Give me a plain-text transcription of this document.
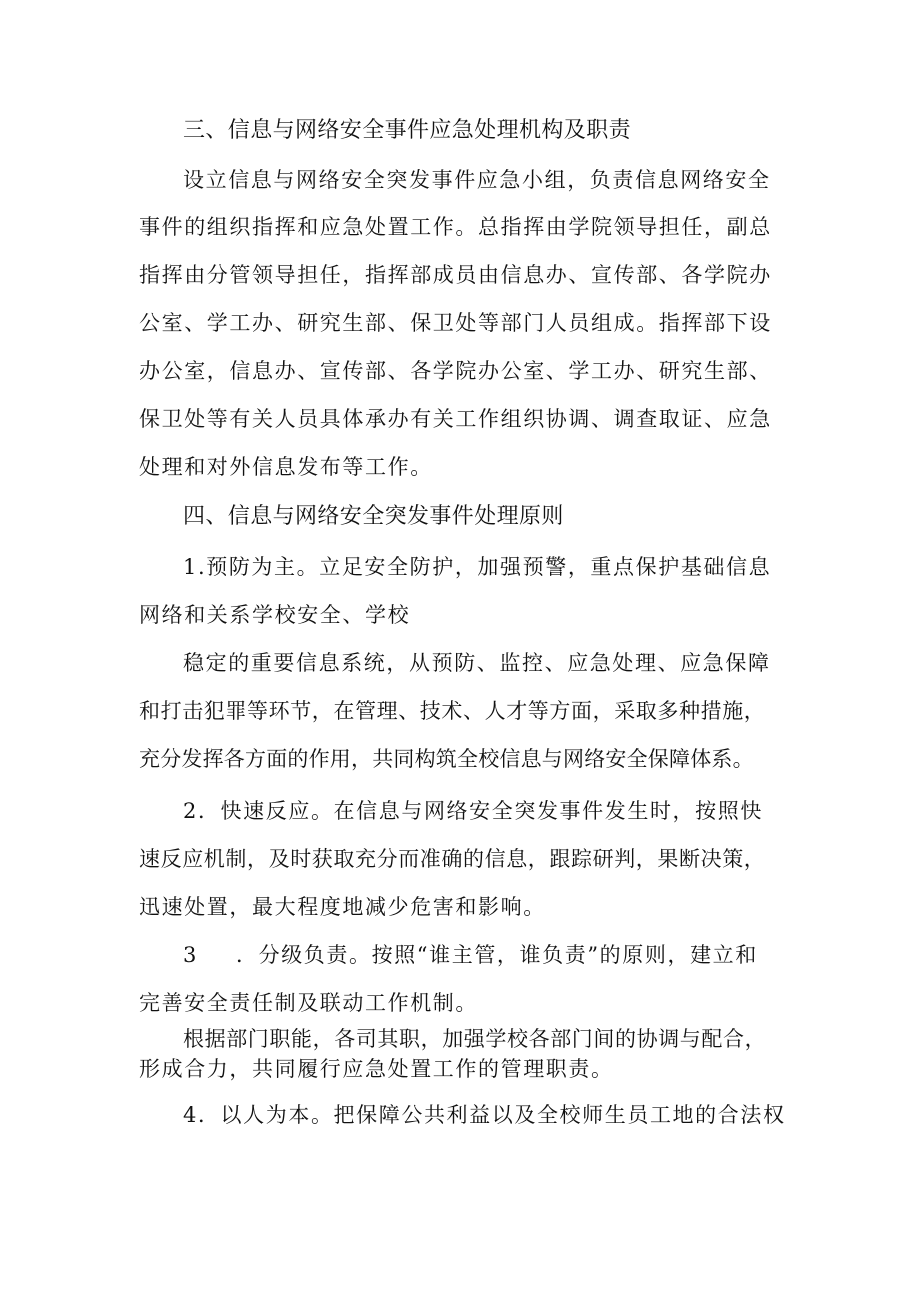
三、信息与网络安全事件应急处理机构及职责

设立信息与网络安全突发事件应急小组，负责信息网络安全

事件的组织指挥和应急处置工作。总指挥由学院领导担任，副总

指挥由分管领导担任，指挥部成员由信息办、宣传部、各学院办

公室、学工办、研究生部、保卫处等部门人员组成。指挥部下设

办公室，信息办、宣传部、各学院办公室、学工办、研究生部、

保卫处等有关人员具体承办有关工作组织协调、调查取证、应急

处理和对外信息发布等工作。

四、信息与网络安全突发事件处理原则

1.预防为主。立足安全防护，加强预警，重点保护基础信息

网络和关系学校安全、学校

稳定的重要信息系统，从预防、监控、应急处理、应急保障

和打击犯罪等环节，在管理、技术、人才等方面，采取多种措施，

充分发挥各方面的作用，共同构筑全校信息与网络安全保障体系。

2．快速反应。在信息与网络安全突发事件发生时，按照快

速反应机制，及时获取充分而准确的信息，跟踪研判，果断决策，

迅速处置，最大程度地减少危害和影响。

3 ．分级负责。按照“谁主管，谁负责”的原则，建立和

完善安全责任制及联动工作机制。

根据部门职能，各司其职，加强学校各部门间的协调与配合，

形成合力，共同履行应急处置工作的管理职责。

4．以人为本。把保障公共利益以及全校师生员工地的合法权
